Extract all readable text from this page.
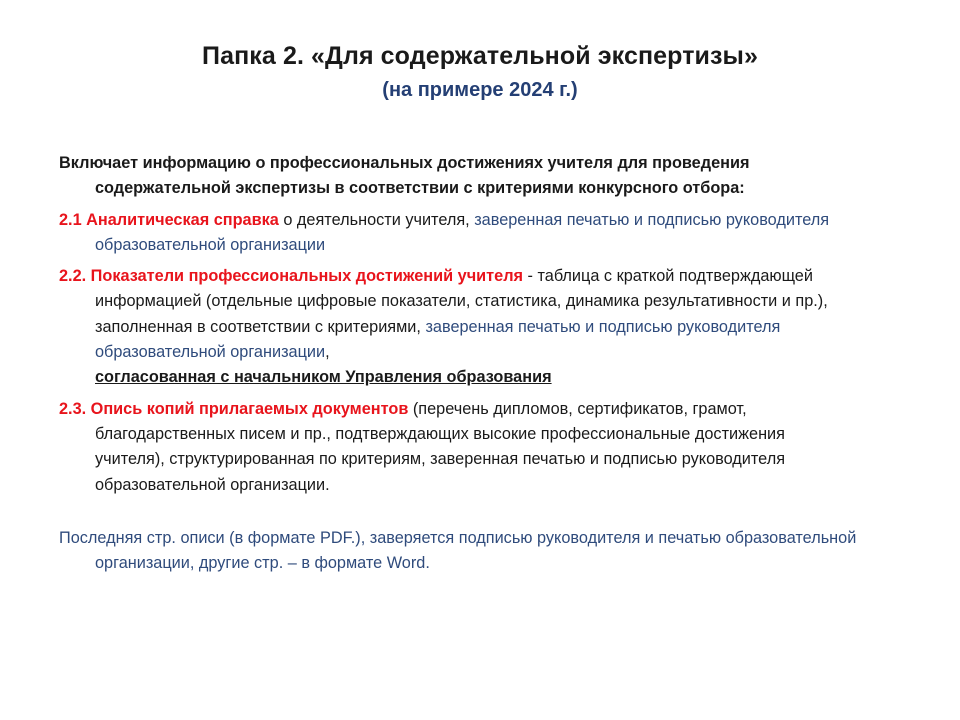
Папка 2. «Для содержательной экспертизы»
(на примере 2024 г.)

Включает информацию о профессиональных достижениях учителя для проведения содержательной экспертизы в соответствии с критериями конкурсного отбора:

2.1 Аналитическая справка о деятельности учителя, заверенная печатью и подписью руководителя образовательной организации

2.2. Показатели профессиональных достижений учителя - таблица с краткой подтверждающей информацией (отдельные цифровые показатели, статистика, динамика результативности и пр.), заполненная в соответствии с критериями, заверенная печатью и подписью руководителя образовательной организации,
согласованная с начальником Управления образования

2.3. Опись копий прилагаемых документов (перечень дипломов, сертификатов, грамот, благодарственных писем и пр., подтверждающих высокие профессиональные достижения учителя), структурированная по критериям, заверенная печатью и подписью руководителя образовательной организации.

Последняя стр. описи (в формате PDF.), заверяется подписью руководителя и печатью образовательной организации, другие стр. – в формате Word.
